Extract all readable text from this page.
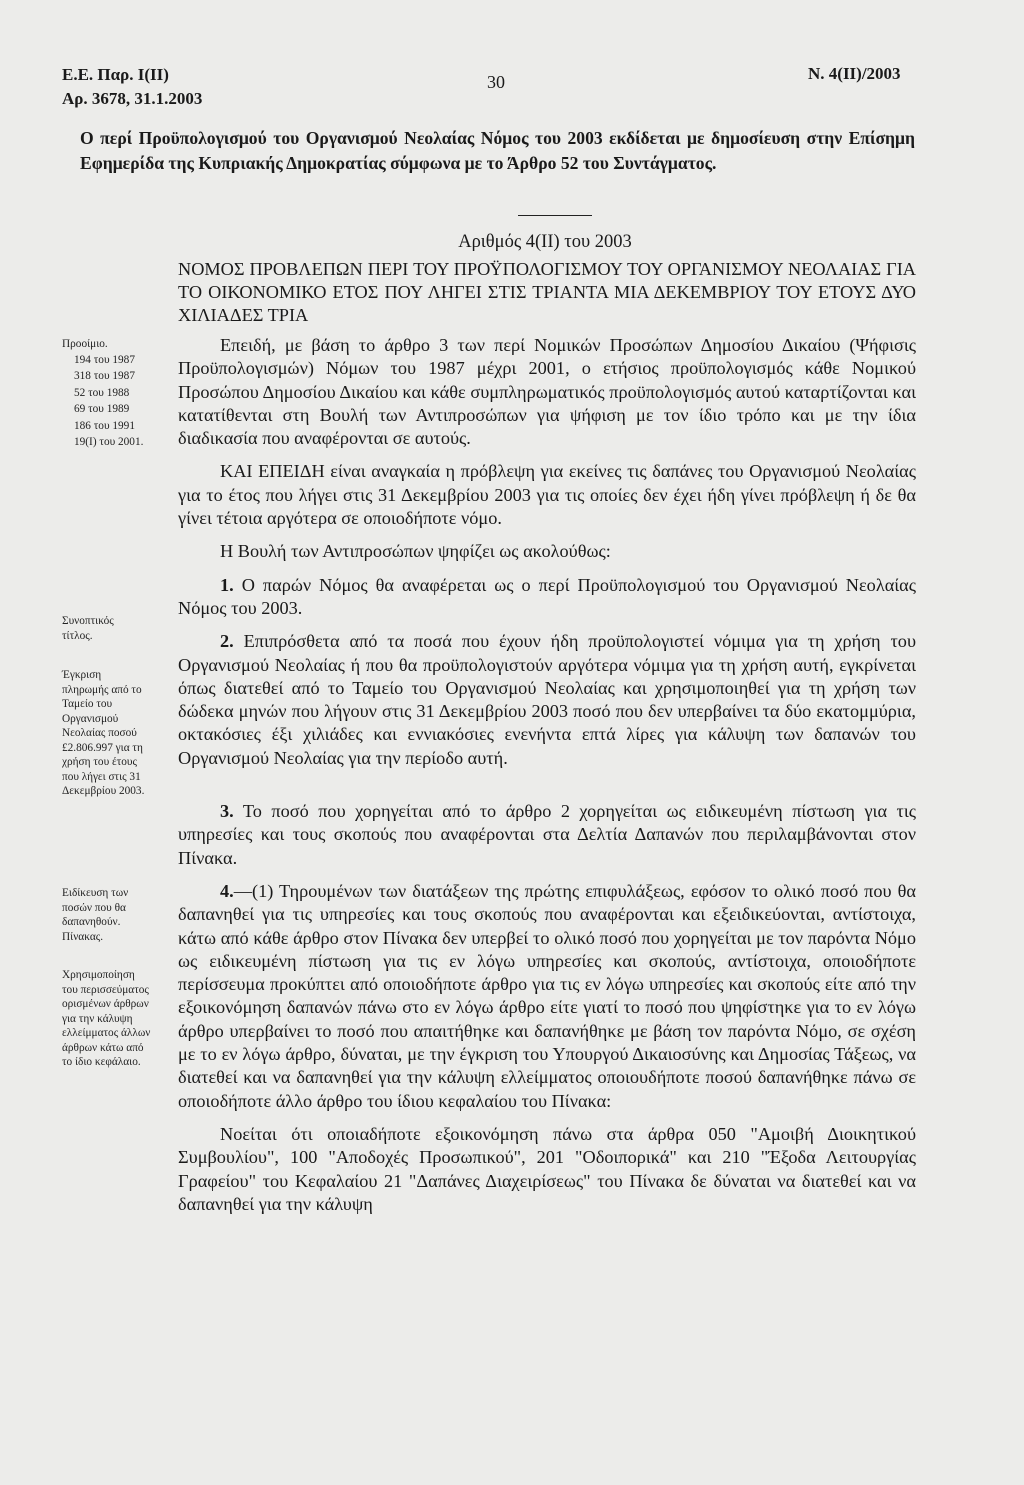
Ε.Ε. Παρ. Ι(ΙΙ)
Αρ. 3678, 31.1.2003
30	Ν. 4(ΙΙ)/2003
Ο περί Προϋπολογισμού του Οργανισμού Νεολαίας Νόμος του 2003 εκδίδεται με δημοσίευση στην Επίσημη Εφημερίδα της Κυπριακής Δημοκρατίας σύμφωνα με το Άρθρο 52 του Συντάγματος.
Αριθμός 4(ΙΙ) του 2003
ΝΟΜΟΣ ΠΡΟΒΛΕΠΩΝ ΠΕΡΙ ΤΟΥ ΠΡΟΫΠΟΛΟΓΙΣΜΟΥ ΤΟΥ ΟΡΓΑΝΙΣΜΟΥ ΝΕΟΛΑΙΑΣ ΓΙΑ ΤΟ ΟΙΚΟΝΟΜΙΚΟ ΕΤΟΣ ΠΟΥ ΛΗΓΕΙ ΣΤΙΣ ΤΡΙΑΝΤΑ ΜΙΑ ΔΕΚΕΜΒΡΙΟΥ ΤΟΥ ΕΤΟΥΣ ΔΥΟ ΧΙΛΙΑΔΕΣ ΤΡΙΑ
Προοίμιο.
194 του 1987
318 του 1987
52 του 1988
69 του 1989
186 του 1991
19(Ι) του 2001.
Συνοπτικός τίτλος.
Έγκριση πληρωμής από το Ταμείο του Οργανισμού Νεολαίας ποσού £2.806.997 για τη χρήση του έτους που λήγει στις 31 Δεκεμβρίου 2003.
Ειδίκευση των ποσών που θα δαπανηθούν. Πίνακας.
Χρησιμοποίηση του περισσεύματος ορισμένων άρθρων για την κάλυψη ελλείμματος άλλων άρθρων κάτω από το ίδιο κεφάλαιο.

Επειδή, με βάση το άρθρο 3 των περί Νομικών Προσώπων Δημοσίου Δικαίου (Ψήφισις Προϋπολογισμών) Νόμων του 1987 μέχρι 2001, ο ετήσιος προϋπολογισμός κάθε Νομικού Προσώπου Δημοσίου Δικαίου και κάθε συμπληρωματικός προϋπολογισμός αυτού καταρτίζονται και κατατίθενται στη Βουλή των Αντιπροσώπων για ψήφιση με τον ίδιο τρόπο και με την ίδια διαδικασία που αναφέρονται σε αυτούς.

ΚΑΙ ΕΠΕΙΔΗ είναι αναγκαία η πρόβλεψη για εκείνες τις δαπάνες του Οργανισμού Νεολαίας για το έτος που λήγει στις 31 Δεκεμβρίου 2003 για τις οποίες δεν έχει ήδη γίνει πρόβλεψη ή δε θα γίνει τέτοια αργότερα σε οποιοδήποτε νόμο.

Η Βουλή των Αντιπροσώπων ψηφίζει ως ακολούθως:

1. Ο παρών Νόμος θα αναφέρεται ως ο περί Προϋπολογισμού του Οργανισμού Νεολαίας Νόμος του 2003.

2. Επιπρόσθετα από τα ποσά που έχουν ήδη προϋπολογιστεί νόμιμα για τη χρήση του Οργανισμού Νεολαίας ή που θα προϋπολογιστούν αργότερα νόμιμα για τη χρήση αυτή, εγκρίνεται όπως διατεθεί από το Ταμείο του Οργανισμού Νεολαίας και χρησιμοποιηθεί για τη χρήση των δώδεκα μηνών που λήγουν στις 31 Δεκεμβρίου 2003 ποσό που δεν υπερβαίνει τα δύο εκατομμύρια, οκτακόσιες έξι χιλιάδες και εννιακόσιες ενενήντα επτά λίρες για κάλυψη των δαπανών του Οργανισμού Νεολαίας για την περίοδο αυτή.

3. Το ποσό που χορηγείται από το άρθρο 2 χορηγείται ως ειδικευμένη πίστωση για τις υπηρεσίες και τους σκοπούς που αναφέρονται στα Δελτία Δαπανών που περιλαμβάνονται στον Πίνακα.

4.—(1) Τηρουμένων των διατάξεων της πρώτης επιφυλάξεως, εφόσον το ολικό ποσό που θα δαπανηθεί για τις υπηρεσίες και τους σκοπούς που αναφέρονται και εξειδικεύονται, αντίστοιχα, κάτω από κάθε άρθρο στον Πίνακα δεν υπερβεί το ολικό ποσό που χορηγείται με τον παρόντα Νόμο ως ειδικευμένη πίστωση για τις εν λόγω υπηρεσίες και σκοπούς, αντίστοιχα, οποιοδήποτε περίσσευμα προκύπτει από οποιοδήποτε άρθρο για τις εν λόγω υπηρεσίες και σκοπούς είτε από την εξοικονόμηση δαπανών πάνω στο εν λόγω άρθρο είτε γιατί το ποσό που ψηφίστηκε για το εν λόγω άρθρο υπερβαίνει το ποσό που απαιτήθηκε και δαπανήθηκε με βάση τον παρόντα Νόμο, σε σχέση με το εν λόγω άρθρο, δύναται, με την έγκριση του Υπουργού Δικαιοσύνης και Δημοσίας Τάξεως, να διατεθεί και να δαπανηθεί για την κάλυψη ελλείμματος οποιουδήποτε ποσού δαπανήθηκε πάνω σε οποιοδήποτε άλλο άρθρο του ίδιου κεφαλαίου του Πίνακα:

Νοείται ότι οποιαδήποτε εξοικονόμηση πάνω στα άρθρα 050 "Αμοιβή Διοικητικού Συμβουλίου", 100 "Αποδοχές Προσωπικού", 201 "Οδοιπορικά" και 210 "Έξοδα Λειτουργίας Γραφείου" του Κεφαλαίου 21 "Δαπάνες Διαχειρίσεως" του Πίνακα δε δύναται να διατεθεί και να δαπανηθεί για την κάλυψη
